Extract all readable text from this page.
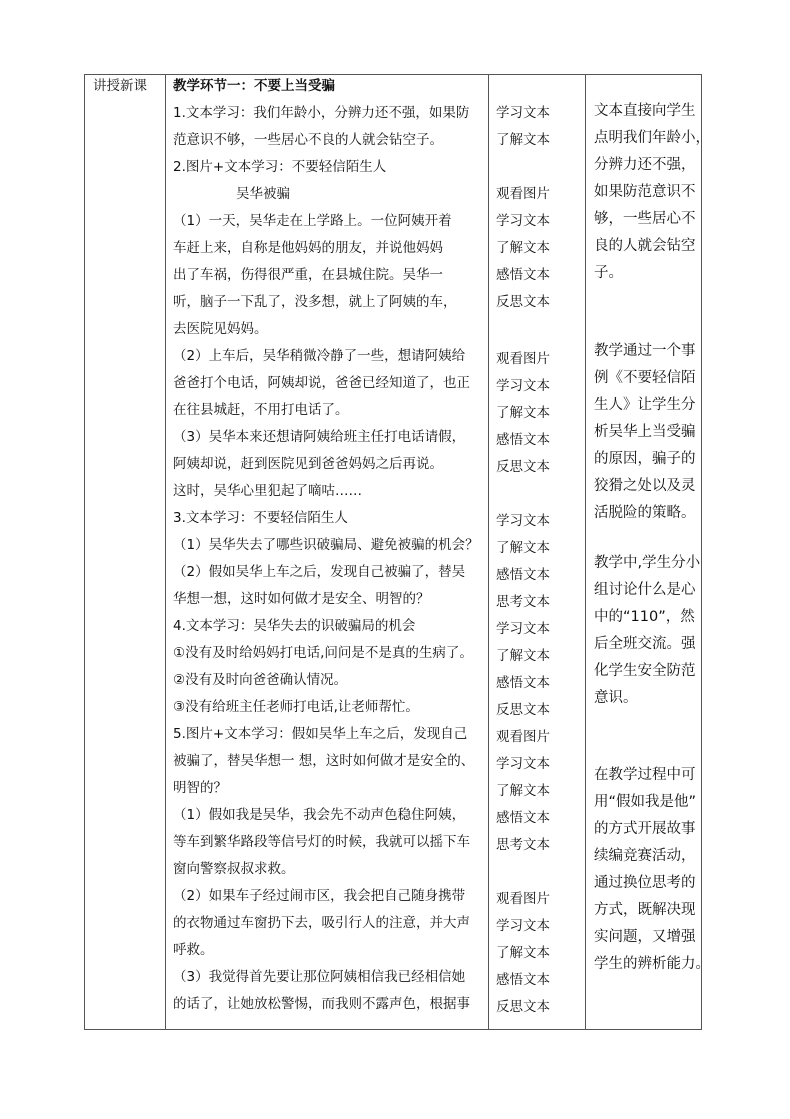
讲授新课 教学环节一：不要上当受骗
1.文本学习：我们年龄小，分辨力还不强，如果防
范意识不够，一些居心不良的人就会钻空子。
2.图片+文本学习：不要轻信陌生人
吴华被骗
（1）一天，吴华走在上学路上。一位阿姨开着
车赶上来，自称是他妈妈的朋友，并说他妈妈
出了车祸，伤得很严重，在县城住院。吴华一
听，脑子一下乱了，没多想，就上了阿姨的车，
去医院见妈妈。
（2）上车后，吴华稍微冷静了一些，想请阿姨给
爸爸打个电话，阿姨却说，爸爸已经知道了，也正
在往县城赶，不用打电话了。
（3）吴华本来还想请阿姨给班主任打电话请假，
阿姨却说，赶到医院见到爸爸妈妈之后再说。
这时，吴华心里犯起了嘀咕……
3.文本学习：不要轻信陌生人
（1）吴华失去了哪些识破骗局、避免被骗的机会？
（2）假如吴华上车之后，发现自己被骗了，替吴
华想一想，这时如何做才是安全、明智的？
4.文本学习：吴华失去的识破骗局的机会
①没有及时给妈妈打电话,问问是不是真的生病了。
②没有及时向爸爸确认情况。
③没有给班主任老师打电话,让老师帮忙。
5.图片+文本学习：假如吴华上车之后，发现自己
被骗了，替吴华想一 想，这时如何做才是安全的、
明智的？
（1）假如我是吴华，我会先不动声色稳住阿姨，
等车到繁华路段等信号灯的时候，我就可以摇下车
窗向警察叔叔求救。
（2）如果车子经过闹市区，我会把自己随身携带
的衣物通过车窗扔下去，吸引行人的注意，并大声
呼救。
（3）我觉得首先要让那位阿姨相信我已经相信她
的话了，让她放松警惕，而我则不露声色，根据事
学习文本
了解文本
观看图片
学习文本
了解文本
感悟文本
反思文本
观看图片
学习文本
了解文本
感悟文本
反思文本
学习文本
了解文本
感悟文本
思考文本
学习文本
了解文本
感悟文本
反思文本
观看图片
学习文本
了解文本
感悟文本
思考文本
观看图片
学习文本
了解文本
感悟文本
反思文本
文本直接向学生
点明我们年龄小，
分辨力还不强，
如果防范意识不
够，一些居心不
良的人就会钻空
子。
教学通过一个事
例《不要轻信陌
生人》让学生分
析吴华上当受骗
的原因，骗子的
狡猾之处以及灵
活脱险的策略。
教学中,学生分小
组讨论什么是心
中的“110”，然
后全班交流。强
化学生安全防范
意识。
在教学过程中可
用“假如我是他”
的方式开展故事
续编竞赛活动，
通过换位思考的
方式，既解决现
实问题，又增强
学生的辨析能力。
